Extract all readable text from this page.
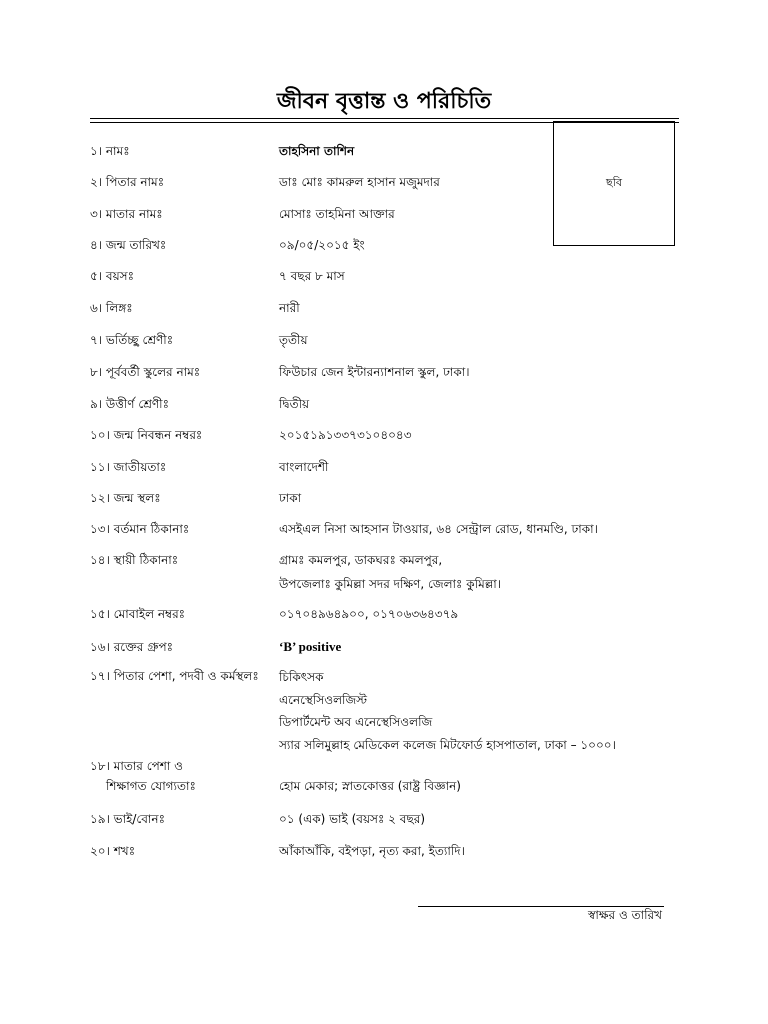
জীবন বৃত্তান্ত ও পরিচিতি
ছবি
১। নামঃ	তাহসিনা তাশিন
২। পিতার নামঃ	ডাঃ মোঃ কামরুল হাসান মজুমদার
৩। মাতার নামঃ	মোসাঃ তাহমিনা আক্তার
৪। জন্ম তারিখঃ	০৯/০৫/২০১৫ ইং
৫। বয়সঃ	৭ বছর ৮ মাস
৬। লিঙ্গঃ	নারী
৭। ভর্তিচ্ছু শ্রেণীঃ	তৃতীয়
৮। পূর্ববর্তী স্কুলের নামঃ	ফিউচার জেন ইন্টারন্যাশনাল স্কুল, ঢাকা।
৯। উত্তীর্ণ শ্রেণীঃ	দ্বিতীয়
১০। জন্ম নিবন্ধন নম্বরঃ	২০১৫১৯১৩৩৭৩১০৪০৪৩
১১। জাতীয়তাঃ	বাংলাদেশী
১২। জন্ম স্থলঃ	ঢাকা
১৩। বর্তমান ঠিকানাঃ	এসইএল নিসা আহসান টাওয়ার, ৬৪ সেন্ট্রাল রোড, ধানমণ্ডি, ঢাকা।
১৪। স্থায়ী ঠিকানাঃ	গ্রামঃ কমলপুর, ডাকঘরঃ কমলপুর,
উপজেলাঃ কুমিল্লা সদর দক্ষিণ, জেলাঃ কুমিল্লা।
১৫। মোবাইল নম্বরঃ	০১৭০৪৯৬৪৯০০, ০১৭০৬৩৬৪৩৭৯
১৬। রক্তের গ্রুপঃ	‘B’ positive
১৭। পিতার পেশা, পদবী ও কর্মস্থলঃ চিকিৎসক
এনেস্থেসিওলজিস্ট
ডিপার্টমেন্ট অব এনেস্থেসিওলজি
স্যার সলিমুল্লাহ মেডিকেল কলেজ মিটফোর্ড হাসপাতাল, ঢাকা – ১০০০।
১৮। মাতার পেশা ও
শিক্ষাগত যোগ্যতাঃ	হোম মেকার; স্নাতকোত্তর (রাষ্ট্র বিজ্ঞান)
১৯। ভাই/বোনঃ	০১ (এক) ভাই (বয়সঃ ২ বছর)
২০। শখঃ	আঁকাআঁকি, বইপড়া, নৃত্য করা, ইত্যাদি।
স্বাক্ষর ও তারিখ
